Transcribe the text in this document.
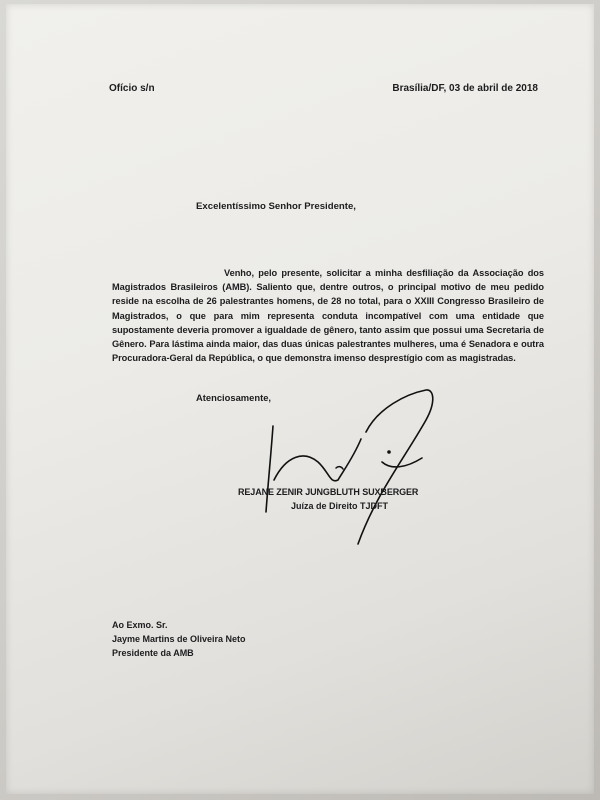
Ofício s/n	Brasília/DF, 03 de abril de 2018
Excelentíssimo Senhor Presidente,
Venho, pelo presente, solicitar a minha desfiliação da Associação dos Magistrados Brasileiros (AMB). Saliento que, dentre outros, o principal motivo de meu pedido reside na escolha de 26 palestrantes homens, de 28 no total, para o XXIII Congresso Brasileiro de Magistrados, o que para mim representa conduta incompatível com uma entidade que supostamente deveria promover a igualdade de gênero, tanto assim que possui uma Secretaria de Gênero. Para lástima ainda maior, das duas únicas palestrantes mulheres, uma é Senadora e outra Procuradora-Geral da República, o que demonstra imenso desprestígio com as magistradas.
Atenciosamente,
REJANE ZENIR JUNGBLUTH SUXBERGER
Juíza de Direito TJDFT
Ao Exmo. Sr.
Jayme Martins de Oliveira Neto
Presidente da AMB
